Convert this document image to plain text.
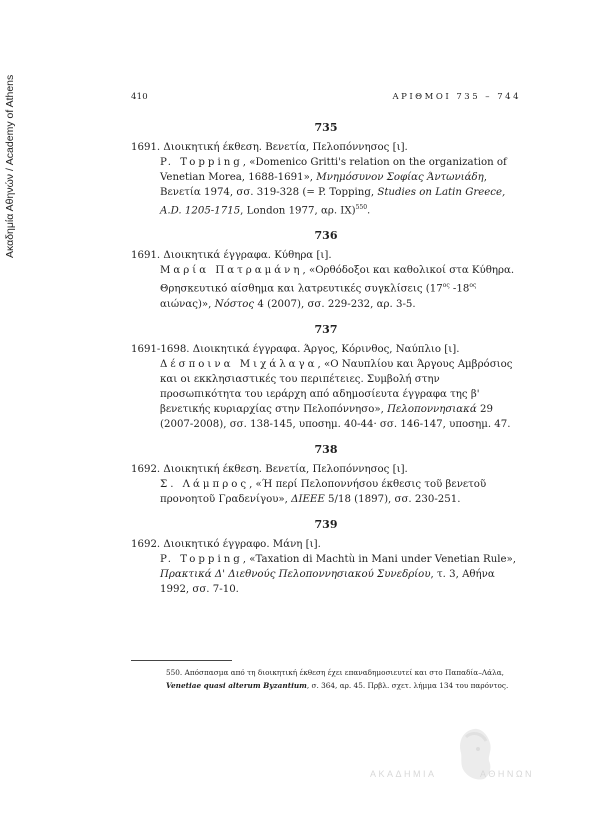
Ακαδημία Αθηνών / Academy of Athens	410	ΑΡΙΘΜΟΙ 735 – 744
735

1691. Διοικητική έκθεση. Βενετία, Πελοπόννησος [ι].

P. Topping, «Domenico Gritti's relation on the organization of Venetian Morea, 1688-1691», Μνημόσυνον Σοφίας Άντωνιάδη, Βενετία 1974, σσ. 319-328 (= P. Topping, Studies on Latin Greece, A.D. 1205-1715, London 1977, αρ. IX)$^{550}$.

736

1691. Διοικητικά έγγραφα. Κύθηρα [ι].

Μαρία Πατραμάνη, «Ορθόδοξοι και καθολικοί στα Κύθηρα. Θρησκευτικό αίσθημα και λατρευτικές συγκλίσεις ($17^{o\varsigma}$ $-18^{o\varsigma}$ αιώνας)», Νόστος 4 (2007), σσ. 229-232, αρ. 3-5.

737

1691-1698. Διοικητικά έγγραφα. Άργος, Κόρινθος, Ναύπλιο [ι].

Δέσποινα Μιχάλαγα, «Ο Ναυπλίου και Άργους Αμβρόσιος και οι εκκλησιαστικές του περιπέτειες. Συμβολή στην προσωπικότητα του ιεράρχη από αδημοσίευτα έγγραφα της β' βενετικής κυριαρχίας στην Πελοπόννησο», Πελοποννησιακά 29 (2007-2008), σσ. 138-145, υποσημ. 40-44· σσ. 146-147, υποσημ. 47.

738

1692. Διοικητική έκθεση. Βενετία, Πελοπόννησος [ι].

Σ. Λάμπρος, «Ή περί Πελοποννήσου έκθεσις τοῦ βενετοῦ προνοητοῦ Γραδενίγου», ΔΙΕΕΕ 5/18 (1897), σσ. 230-251.

739

1692. Διοικητικό έγγραφο. Μάνη [ι].

P. Topping, «Taxation di Machtù in Mani under Venetian Rule», Πρακτικά Δ' Διεθνούς Πελοποννησιακού Συνεδρίου, τ. 3, Αθήνα 1992, σσ. 7-10.

550. Απόσπασμα από τη διοικητική έκθεση έχει επαναδημοσιευτεί και στο Παπαδία–Λάλα, Venetiae quasi alterum Byzantium, σ. 364, αρ. 45. Πρβλ. σχετ. λήμμα 134 του παρόντος.
ΑΚΑΔΗΜΙΑ	ΑΘΗΝΩΝ
